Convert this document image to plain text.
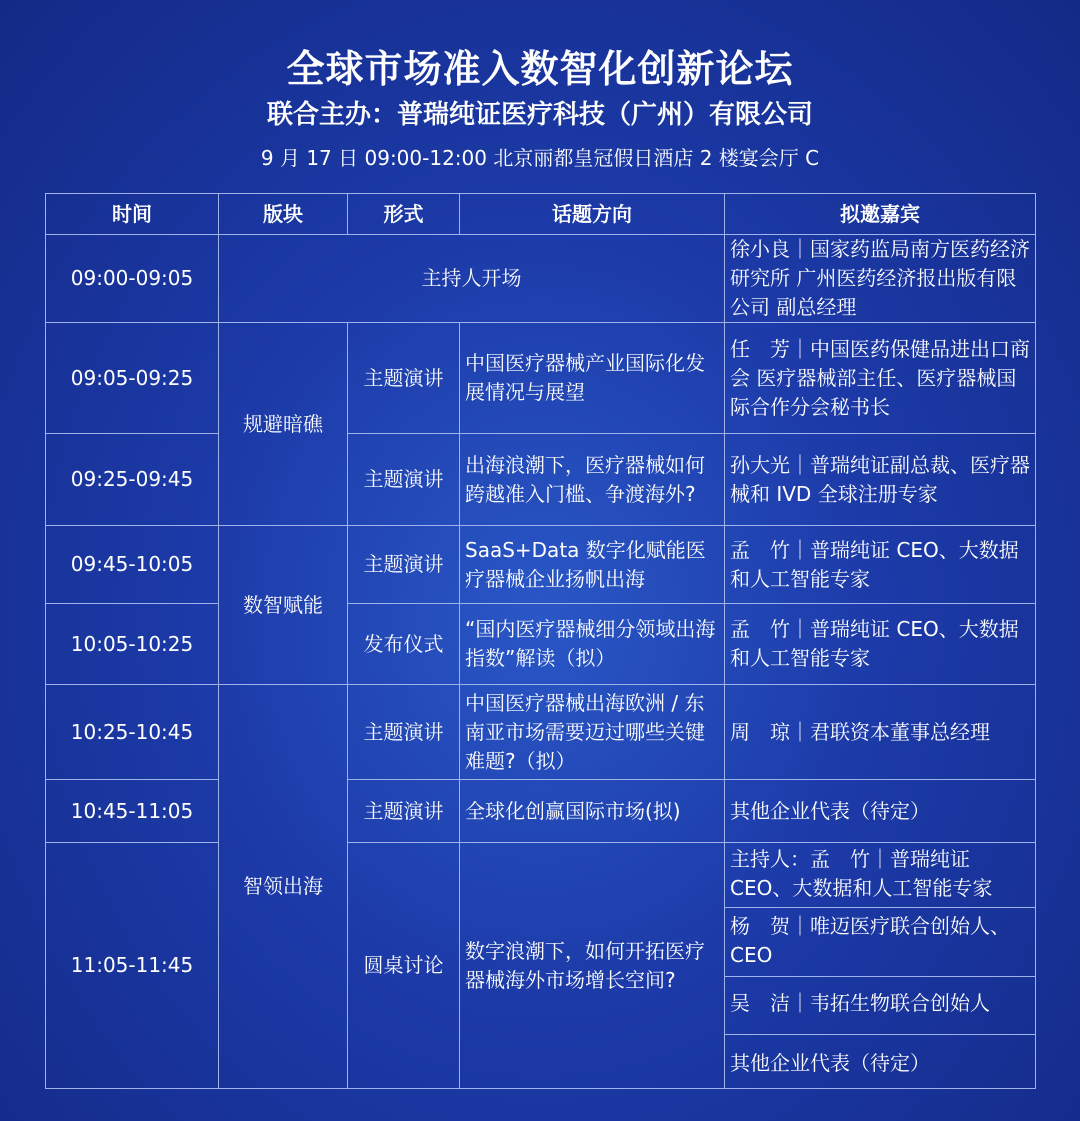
全球市场准入数智化创新论坛
联合主办：普瑞纯证医疗科技（广州）有限公司
9 月 17 日 09:00-12:00 北京丽都皇冠假日酒店 2 楼宴会厅 C
时间	版块	形式	话题方向	拟邀嘉宾
09:00-09:05	主持人开场			徐小良｜国家药监局南方医药经济研究所 广州医药经济报出版有限公司 副总经理
09:05-09:25	规避暗礁	主题演讲	中国医疗器械产业国际化发展情况与展望	任　芳｜中国医药保健品进出口商会 医疗器械部主任、医疗器械国际合作分会秘书长
09:25-09:45		主题演讲	出海浪潮下，医疗器械如何跨越准入门槛、争渡海外?	孙大光｜普瑞纯证副总裁、医疗器械和 IVD 全球注册专家
09:45-10:05	数智赋能	主题演讲	SaaS+Data 数字化赋能医疗器械企业扬帆出海	孟　竹｜普瑞纯证 CEO、大数据和人工智能专家
10:05-10:25		发布仪式	“国内医疗器械细分领域出海指数”解读（拟）	孟　竹｜普瑞纯证 CEO、大数据和人工智能专家
10:25-10:45	智领出海	主题演讲	中国医疗器械出海欧洲 / 东南亚市场需要迈过哪些关键难题?（拟）	周　琼｜君联资本董事总经理
10:45-11:05		主题演讲	全球化创赢国际市场(拟)	其他企业代表（待定）
11:05-11:45		圆桌讨论	数字浪潮下，如何开拓医疗器械海外市场增长空间?	主持人：孟　竹｜普瑞纯证 CEO、大数据和人工智能专家
杨　贺｜唯迈医疗联合创始人、CEO
吴　洁｜韦拓生物联合创始人
其他企业代表（待定）
